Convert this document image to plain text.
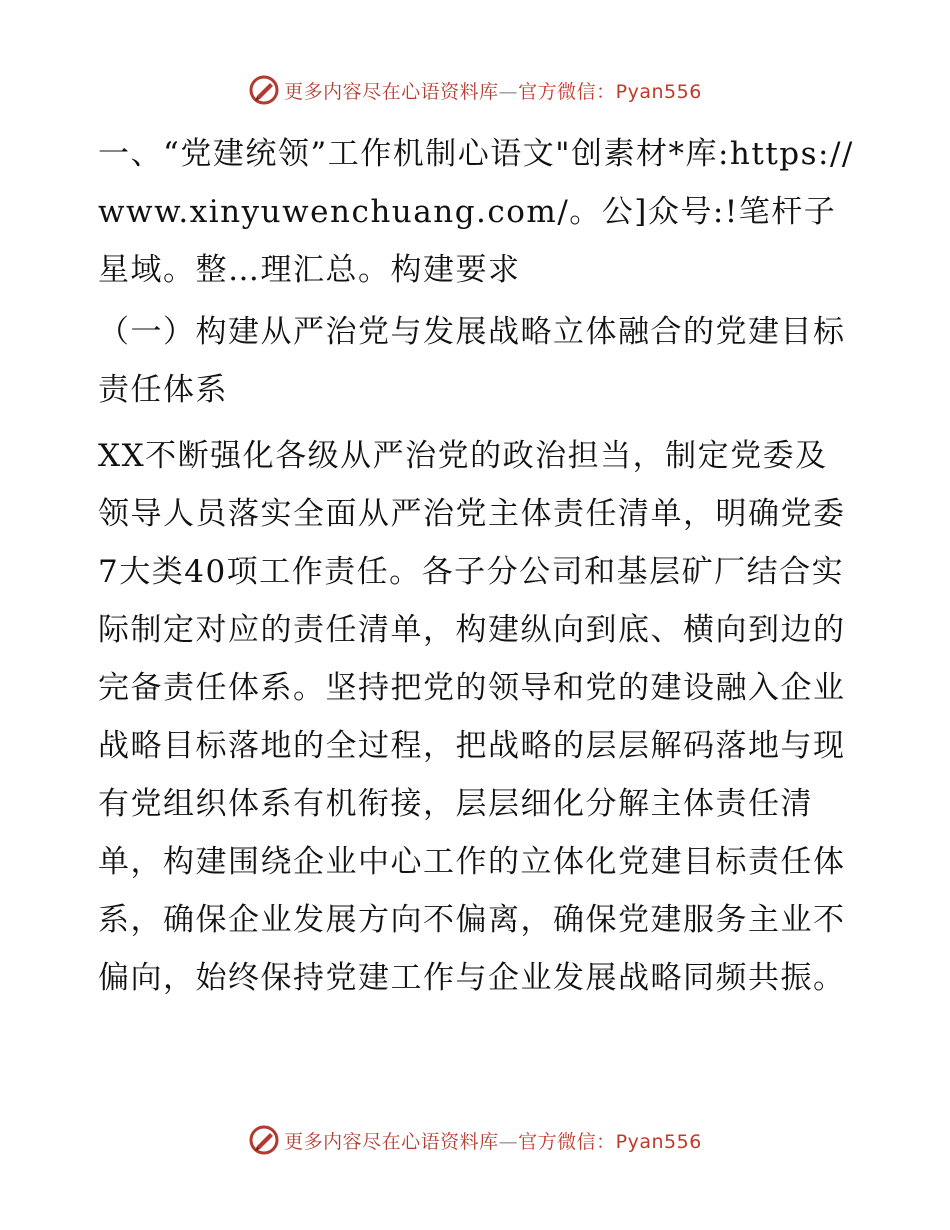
更多内容尽在心语资料库—官方微信：Pyan556

一、“党建统领”工作机制心语文"创素材*库:https://www.xinyuwenchuang.com/。公]众号:!笔杆子星域。整…理汇总。构建要求

（一）构建从严治党与发展战略立体融合的党建目标责任体系

XX不断强化各级从严治党的政治担当，制定党委及领导人员落实全面从严治党主体责任清单，明确党委7大类40项工作责任。各子分公司和基层矿厂结合实际制定对应的责任清单，构建纵向到底、横向到边的完备责任体系。坚持把党的领导和党的建设融入企业战略目标落地的全过程，把战略的层层解码落地与现有党组织体系有机衔接，层层细化分解主体责任清单，构建围绕企业中心工作的立体化党建目标责任体系，确保企业发展方向不偏离，确保党建服务主业不偏向，始终保持党建工作与企业发展战略同频共振。

更多内容尽在心语资料库—官方微信：Pyan556
